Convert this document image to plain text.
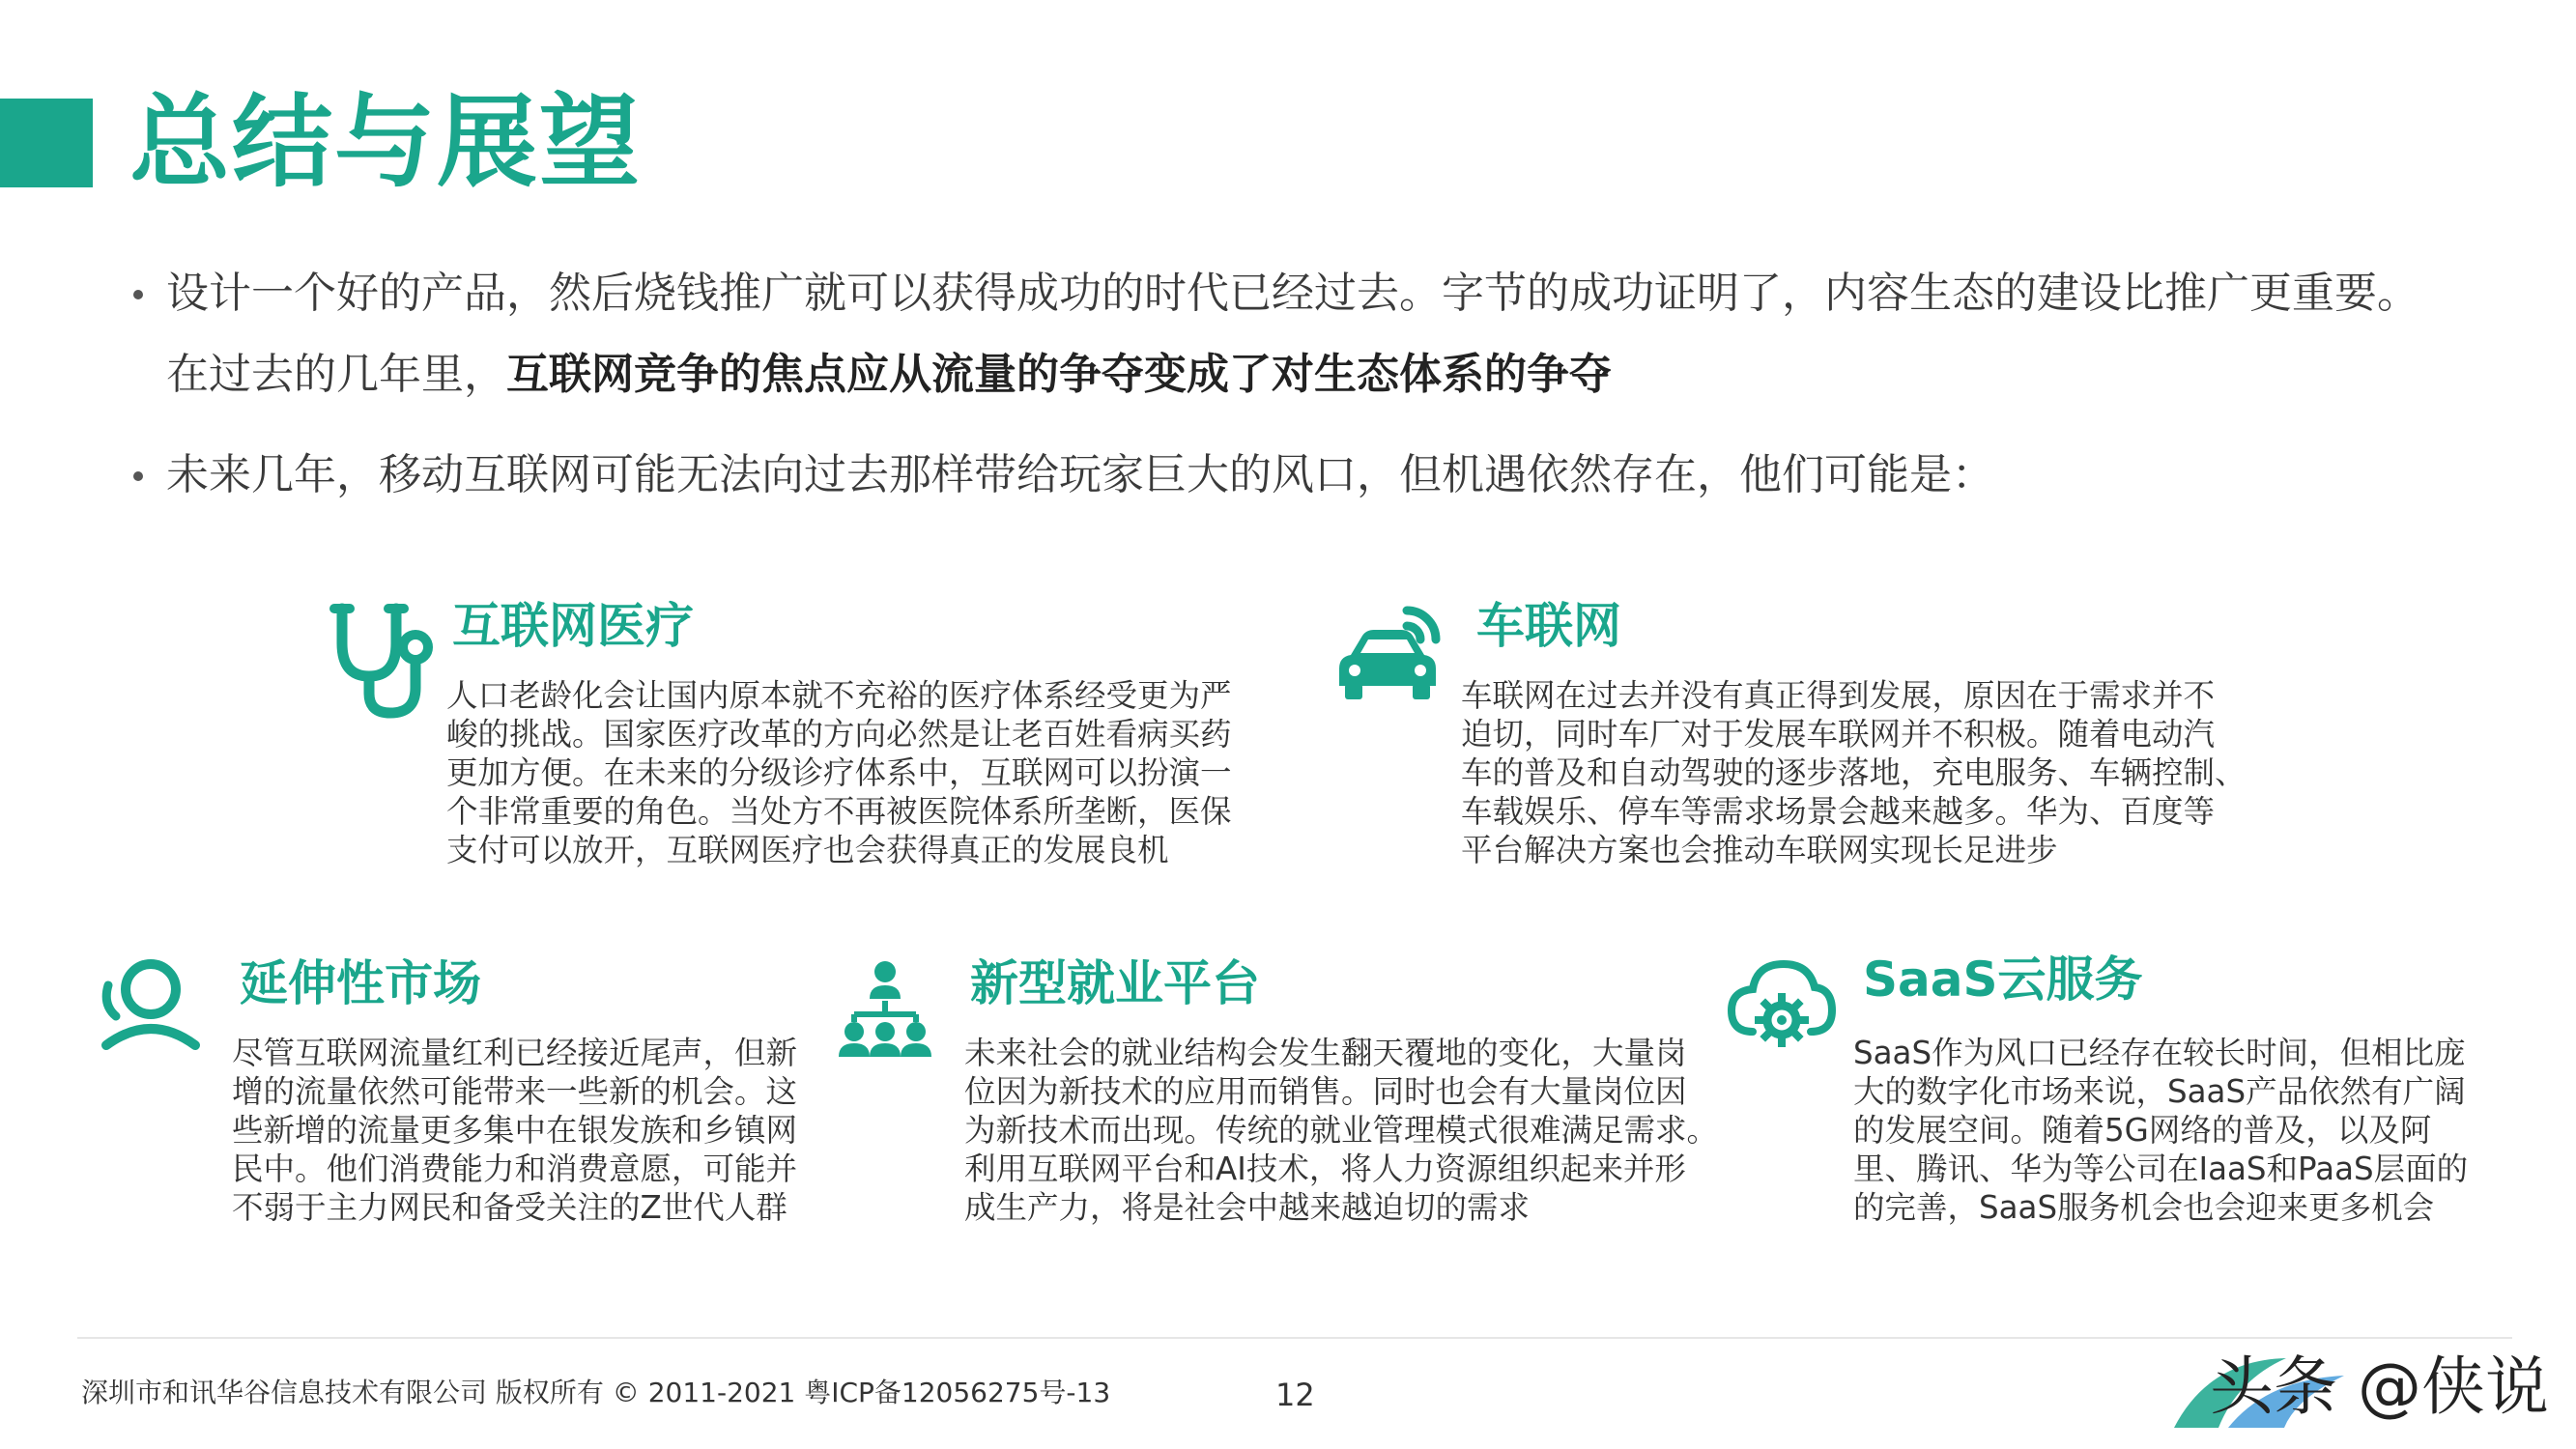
总结与展望
设计一个好的产品，然后烧钱推广就可以获得成功的时代已经过去。字节的成功证明了，内容生态的建设比推广更重要。
在过去的几年里，互联网竞争的焦点应从流量的争夺变成了对生态体系的争夺
未来几年，移动互联网可能无法向过去那样带给玩家巨大的风口，但机遇依然存在，他们可能是：
互联网医疗
人口老龄化会让国内原本就不充裕的医疗体系经受更为严
峻的挑战。国家医疗改革的方向必然是让老百姓看病买药
更加方便。在未来的分级诊疗体系中，互联网可以扮演一
个非常重要的角色。当处方不再被医院体系所垄断，医保
支付可以放开，互联网医疗也会获得真正的发展良机
车联网
车联网在过去并没有真正得到发展，原因在于需求并不
迫切，同时车厂对于发展车联网并不积极。随着电动汽
车的普及和自动驾驶的逐步落地，充电服务、车辆控制、
车载娱乐、停车等需求场景会越来越多。华为、百度等
平台解决方案也会推动车联网实现长足进步
延伸性市场
尽管互联网流量红利已经接近尾声，但新
增的流量依然可能带来一些新的机会。这
些新增的流量更多集中在银发族和乡镇网
民中。他们消费能力和消费意愿，可能并
不弱于主力网民和备受关注的Z世代人群
新型就业平台
未来社会的就业结构会发生翻天覆地的变化，大量岗
位因为新技术的应用而销售。同时也会有大量岗位因
为新技术而出现。传统的就业管理模式很难满足需求。
利用互联网平台和AI技术，将人力资源组织起来并形
成生产力，将是社会中越来越迫切的需求
SaaS云服务
SaaS作为风口已经存在较长时间，但相比庞
大的数字化市场来说，SaaS产品依然有广阔
的发展空间。随着5G网络的普及，以及阿
里、腾讯、华为等公司在IaaS和PaaS层面的
的完善，SaaS服务机会也会迎来更多机会
深圳市和讯华谷信息技术有限公司 版权所有 © 2011-2021 粤ICP备12056275号-13	12	头条 @侠说
